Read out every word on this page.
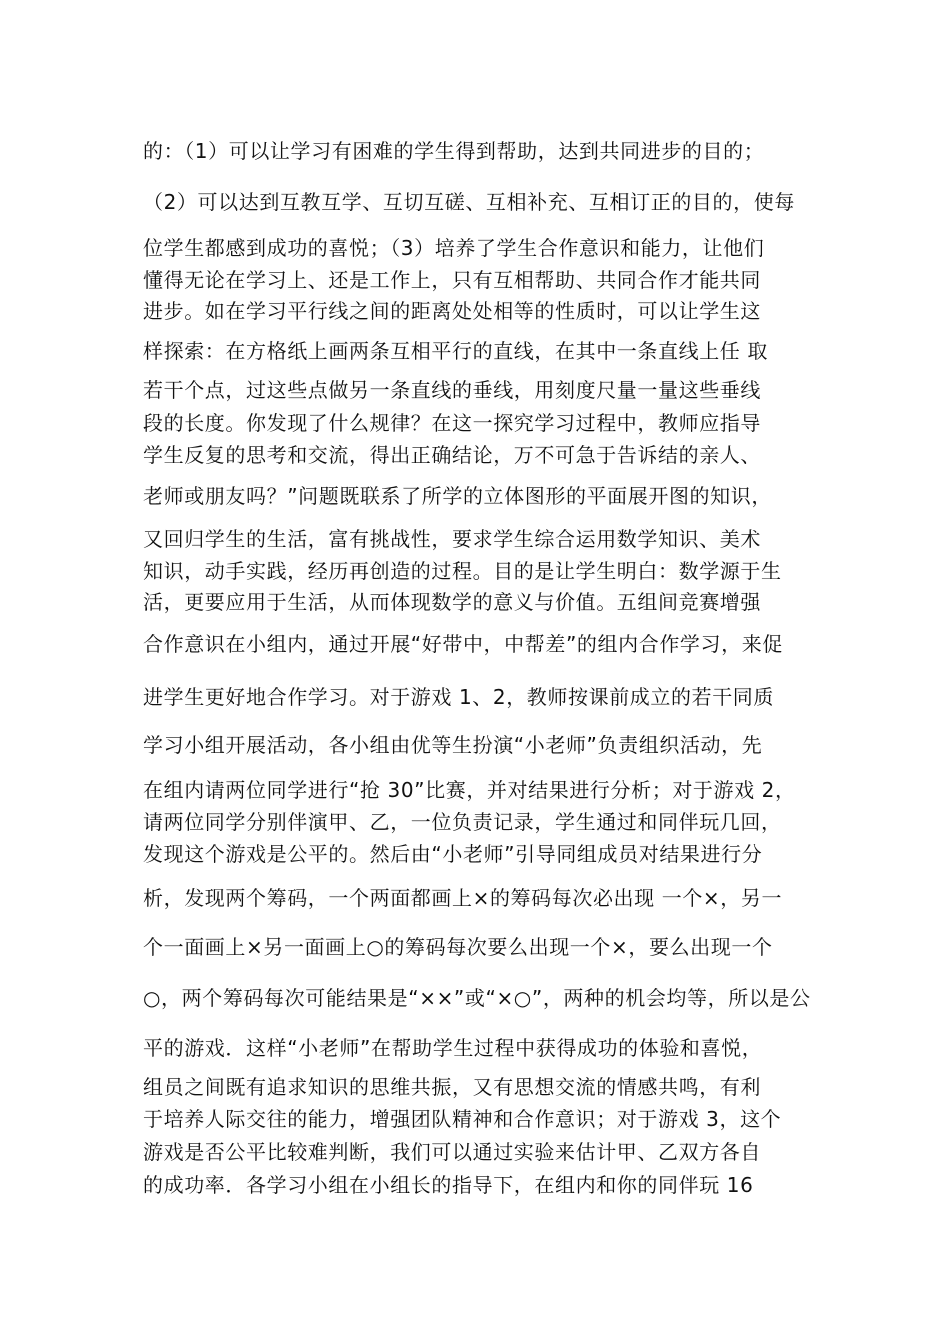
的：（1）可以让学习有困难的学生得到帮助，达到共同进步的目的；
（2）可以达到互教互学、互切互磋、互相补充、互相订正的目的，使每
位学生都感到成功的喜悦；（3）培养了学生合作意识和能力，让他们
懂得无论在学习上、还是工作上，只有互相帮助、共同合作才能共同
进步。如在学习平行线之间的距离处处相等的性质时，可以让学生这
样探索：在方格纸上画两条互相平行的直线，在其中一条直线上任 取
若干个点，过这些点做另一条直线的垂线，用刻度尺量一量这些垂线
段的长度。你发现了什么规律？在这一探究学习过程中，教师应指导
学生反复的思考和交流，得出正确结论，万不可急于告诉结的亲人、
老师或朋友吗？”问题既联系了所学的立体图形的平面展开图的知识，
又回归学生的生活，富有挑战性，要求学生综合运用数学知识、美术
知识，动手实践，经历再创造的过程。目的是让学生明白：数学源于生
活，更要应用于生活，从而体现数学的意义与价值。五组间竞赛增强
合作意识在小组内，通过开展“好带中，中帮差”的组内合作学习，来促
进学生更好地合作学习。对于游戏 1、2，教师按课前成立的若干同质
学习小组开展活动，各小组由优等生扮演“小老师”负责组织活动，先
在组内请两位同学进行“抢 30”比赛，并对结果进行分析；对于游戏 2，
请两位同学分别伴演甲、乙，一位负责记录，学生通过和同伴玩几回，
发现这个游戏是公平的。然后由“小老师”引导同组成员对结果进行分
析，发现两个筹码，一个两面都画上×的筹码每次必出现 一个×，另一
个一面画上×另一面画上○的筹码每次要么出现一个×，要么出现一个
○，两个筹码每次可能结果是“××”或“×○”，两种的机会均等，所以是公
平的游戏．这样“小老师”在帮助学生过程中获得成功的体验和喜悦，
组员之间既有追求知识的思维共振，又有思想交流的情感共鸣，有利
于培养人际交往的能力，增强团队精神和合作意识；对于游戏 3，这个
游戏是否公平比较难判断，我们可以通过实验来估计甲、乙双方各自
的成功率．各学习小组在小组长的指导下，在组内和你的同伴玩 16
